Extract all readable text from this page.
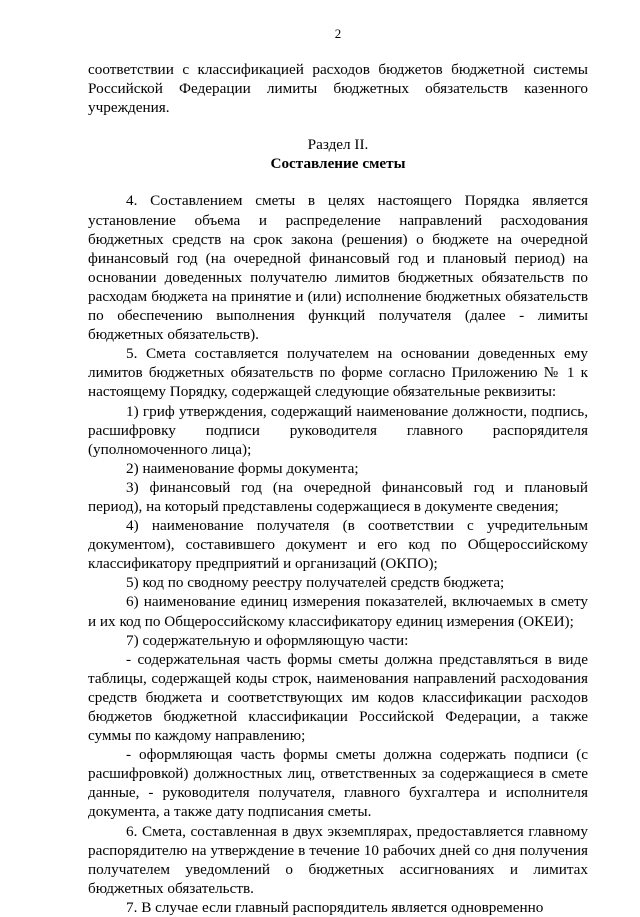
2

соответствии с классификацией расходов бюджетов бюджетной системы Российской Федерации лимиты бюджетных обязательств казенного учреждения.

Раздел II.
Составление сметы

4. Составлением сметы в целях настоящего Порядка является установление объема и распределение направлений расходования бюджетных средств на срок закона (решения) о бюджете на очередной финансовый год (на очередной финансовый год и плановый период) на основании доведенных получателю лимитов бюджетных обязательств по расходам бюджета на принятие и (или) исполнение бюджетных обязательств по обеспечению выполнения функций получателя (далее - лимиты бюджетных обязательств).

5. Смета составляется получателем на основании доведенных ему лимитов бюджетных обязательств по форме согласно Приложению № 1 к настоящему Порядку, содержащей следующие обязательные реквизиты:

1) гриф утверждения, содержащий наименование должности, подпись, расшифровку подписи руководителя главного распорядителя (уполномоченного лица);

2) наименование формы документа;

3) финансовый год (на очередной финансовый год и плановый период), на который представлены содержащиеся в документе сведения;

4) наименование получателя (в соответствии с учредительным документом), составившего документ и его код по Общероссийскому классификатору предприятий и организаций (ОКПО);

5) код по сводному реестру получателей средств бюджета;

6) наименование единиц измерения показателей, включаемых в смету и их код по Общероссийскому классификатору единиц измерения (ОКЕИ);

7) содержательную и оформляющую части:

- содержательная часть формы сметы должна представляться в виде таблицы, содержащей коды строк, наименования направлений расходования средств бюджета и соответствующих им кодов классификации расходов бюджетов бюджетной классификации Российской Федерации, а также суммы по каждому направлению;

- оформляющая часть формы сметы должна содержать подписи (с расшифровкой) должностных лиц, ответственных за содержащиеся в смете данные, - руководителя получателя, главного бухгалтера и исполнителя документа, а также дату подписания сметы.

6. Смета, составленная в двух экземплярах, предоставляется главному распорядителю на утверждение в течение 10 рабочих дней со дня получения получателем уведомлений о бюджетных ассигнованиях и лимитах бюджетных обязательств.

7. В случае если главный распорядитель является одновременно
